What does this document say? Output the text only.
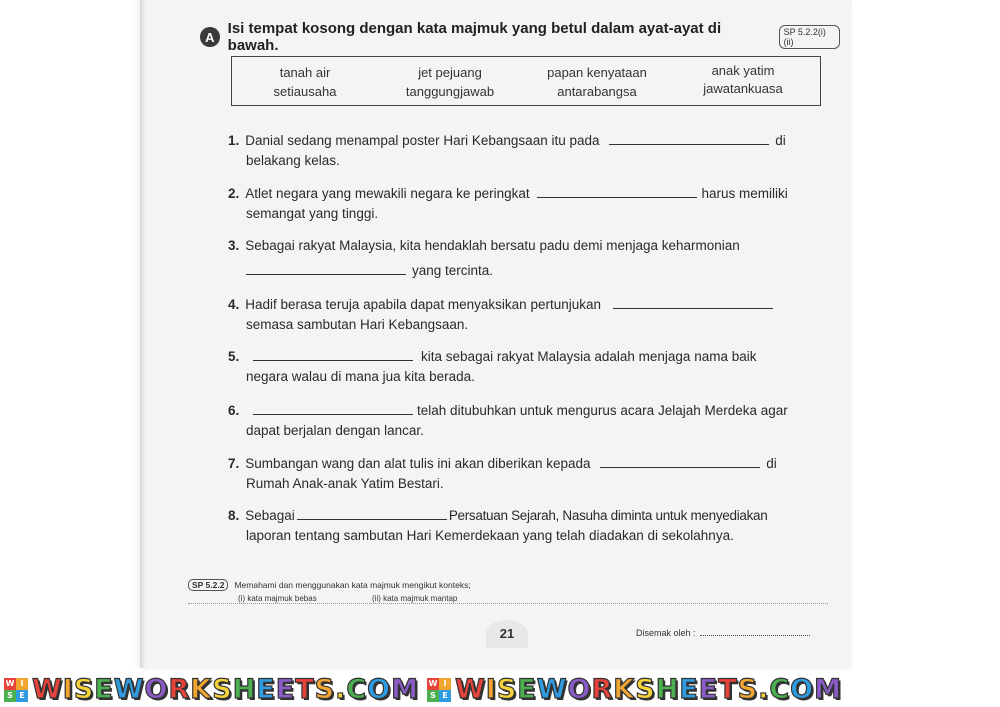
A Isi tempat kosong dengan kata majmuk yang betul dalam ayat-ayat di bawah.
SP 5.2.2(i)(ii)
tanah air	jet pejuang	papan kenyataan	anak yatim
setiausaha	tanggungjawab	antarabangsa	jawatankuasa
1. Danial sedang menampal poster Hari Kebangsaan itu pada	di
belakang kelas.
2. Atlet negara yang mewakili negara ke peringkat	harus memiliki
semangat yang tinggi.
3. Sebagai rakyat Malaysia, kita hendaklah bersatu padu demi menjaga keharmonian
yang tercinta.
4. Hadif berasa teruja apabila dapat menyaksikan pertunjukan
semasa sambutan Hari Kebangsaan.
5.	kita sebagai rakyat Malaysia adalah menjaga nama baik
negara walau di mana jua kita berada.
6.	telah ditubuhkan untuk mengurus acara Jelajah Merdeka agar
dapat berjalan dengan lancar.
7. Sumbangan wang dan alat tulis ini akan diberikan kepada	di
Rumah Anak-anak Yatim Bestari.
8. Sebagai	Persatuan Sejarah, Nasuha diminta untuk menyediakan
laporan tentang sambutan Hari Kemerdekaan yang telah diadakan di sekolahnya.
SP 5.2.2 Memahami dan menggunakan kata majmuk mengikut konteks;
(i) kata majmuk bebas	(ii) kata majmuk mantap
21	Disemak oleh :
W I
S E WISEWORKSHEETS.COM W I
S E WISEWORKSHEETS.COM
